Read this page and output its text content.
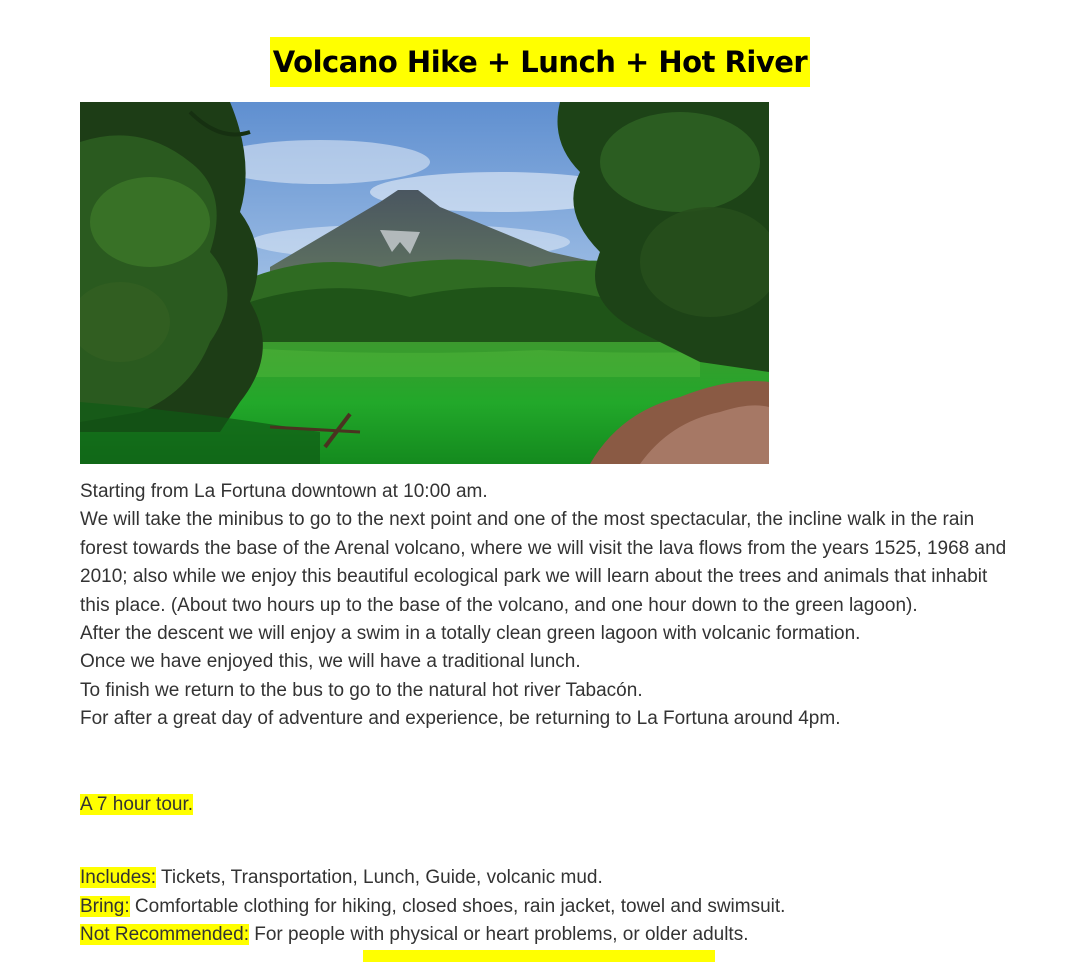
Volcano Hike + Lunch + Hot River

Starting from La Fortuna downtown at 10:00 am.

We will take the minibus to go to the next point and one of the most spectacular, the incline walk in the rain forest towards the base of the Arenal volcano, where we will visit the lava flows from the years 1525, 1968 and 2010; also while we enjoy this beautiful ecological park we will learn about the trees and animals that inhabit this place. (About two hours up to the base of the volcano, and one hour down to the green lagoon).

After the descent we will enjoy a swim in a totally clean green lagoon with volcanic formation.

Once we have enjoyed this, we will have a traditional lunch.

To finish we return to the bus to go to the natural hot river Tabacón.

For after a great day of adventure and experience, be returning to La Fortuna around 4pm.

A 7 hour tour.

Includes: Tickets, Transportation, Lunch, Guide, volcanic mud.

Bring: Comfortable clothing for hiking, closed shoes, rain jacket, towel and swimsuit.

Not Recommended: For people with physical or heart problems, or older adults.
